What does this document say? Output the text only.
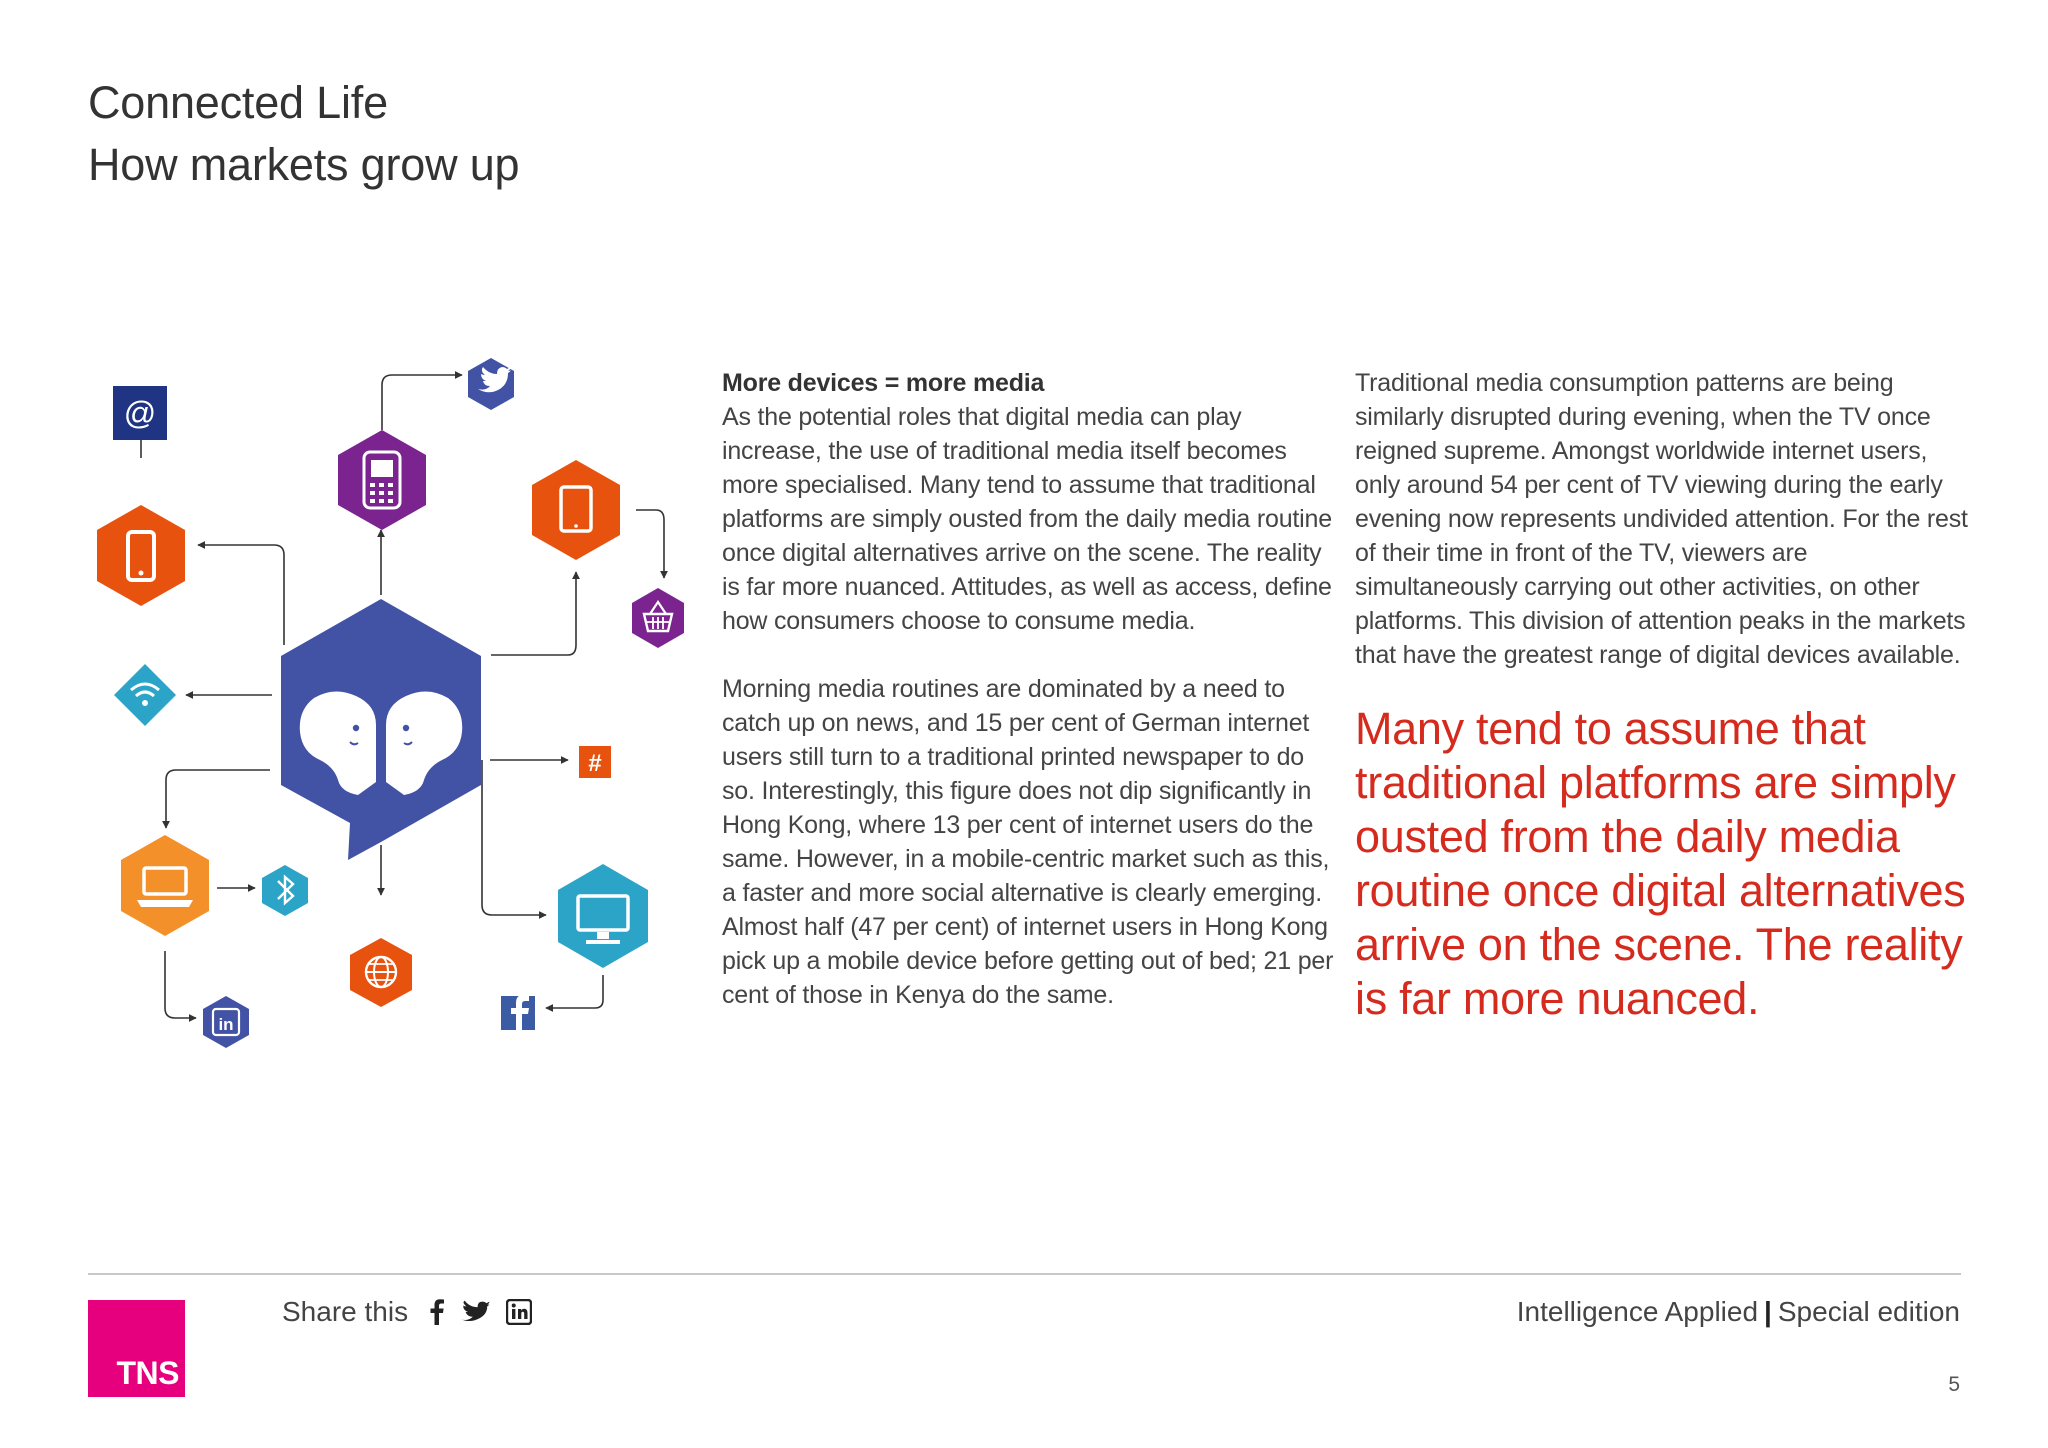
Connected Life
How markets grow up
@
#
in

More devices = more media

As the potential roles that digital media can play increase, the use of traditional media itself becomes more specialised. Many tend to assume that traditional platforms are simply ousted from the daily media routine once digital alternatives arrive on the scene. The reality is far more nuanced. Attitudes, as well as access, define how consumers choose to consume media.

Morning media routines are dominated by a need to catch up on news, and 15 per cent of German internet users still turn to a traditional printed newspaper to do so. Interestingly, this figure does not dip significantly in Hong Kong, where 13 per cent of internet users do the same. However, in a mobile-centric market such as this, a faster and more social alternative is clearly emerging. Almost half (47 per cent) of internet users in Hong Kong pick up a mobile device before getting out of bed; 21 per cent of those in Kenya do the same.

Traditional media consumption patterns are being similarly disrupted during evening, when the TV once reigned supreme. Amongst worldwide internet users, only around 54 per cent of TV viewing during the early evening now represents undivided attention. For the rest of their time in front of the TV, viewers are simultaneously carrying out other activities, on other platforms. This division of attention peaks in the markets that have the greatest range of digital devices available.

Many tend to assume that traditional platforms are simply ousted from the daily media routine once digital alternatives arrive on the scene. The reality is far more nuanced.

TNS
Share this	Intelligence Applied | Special edition
5
